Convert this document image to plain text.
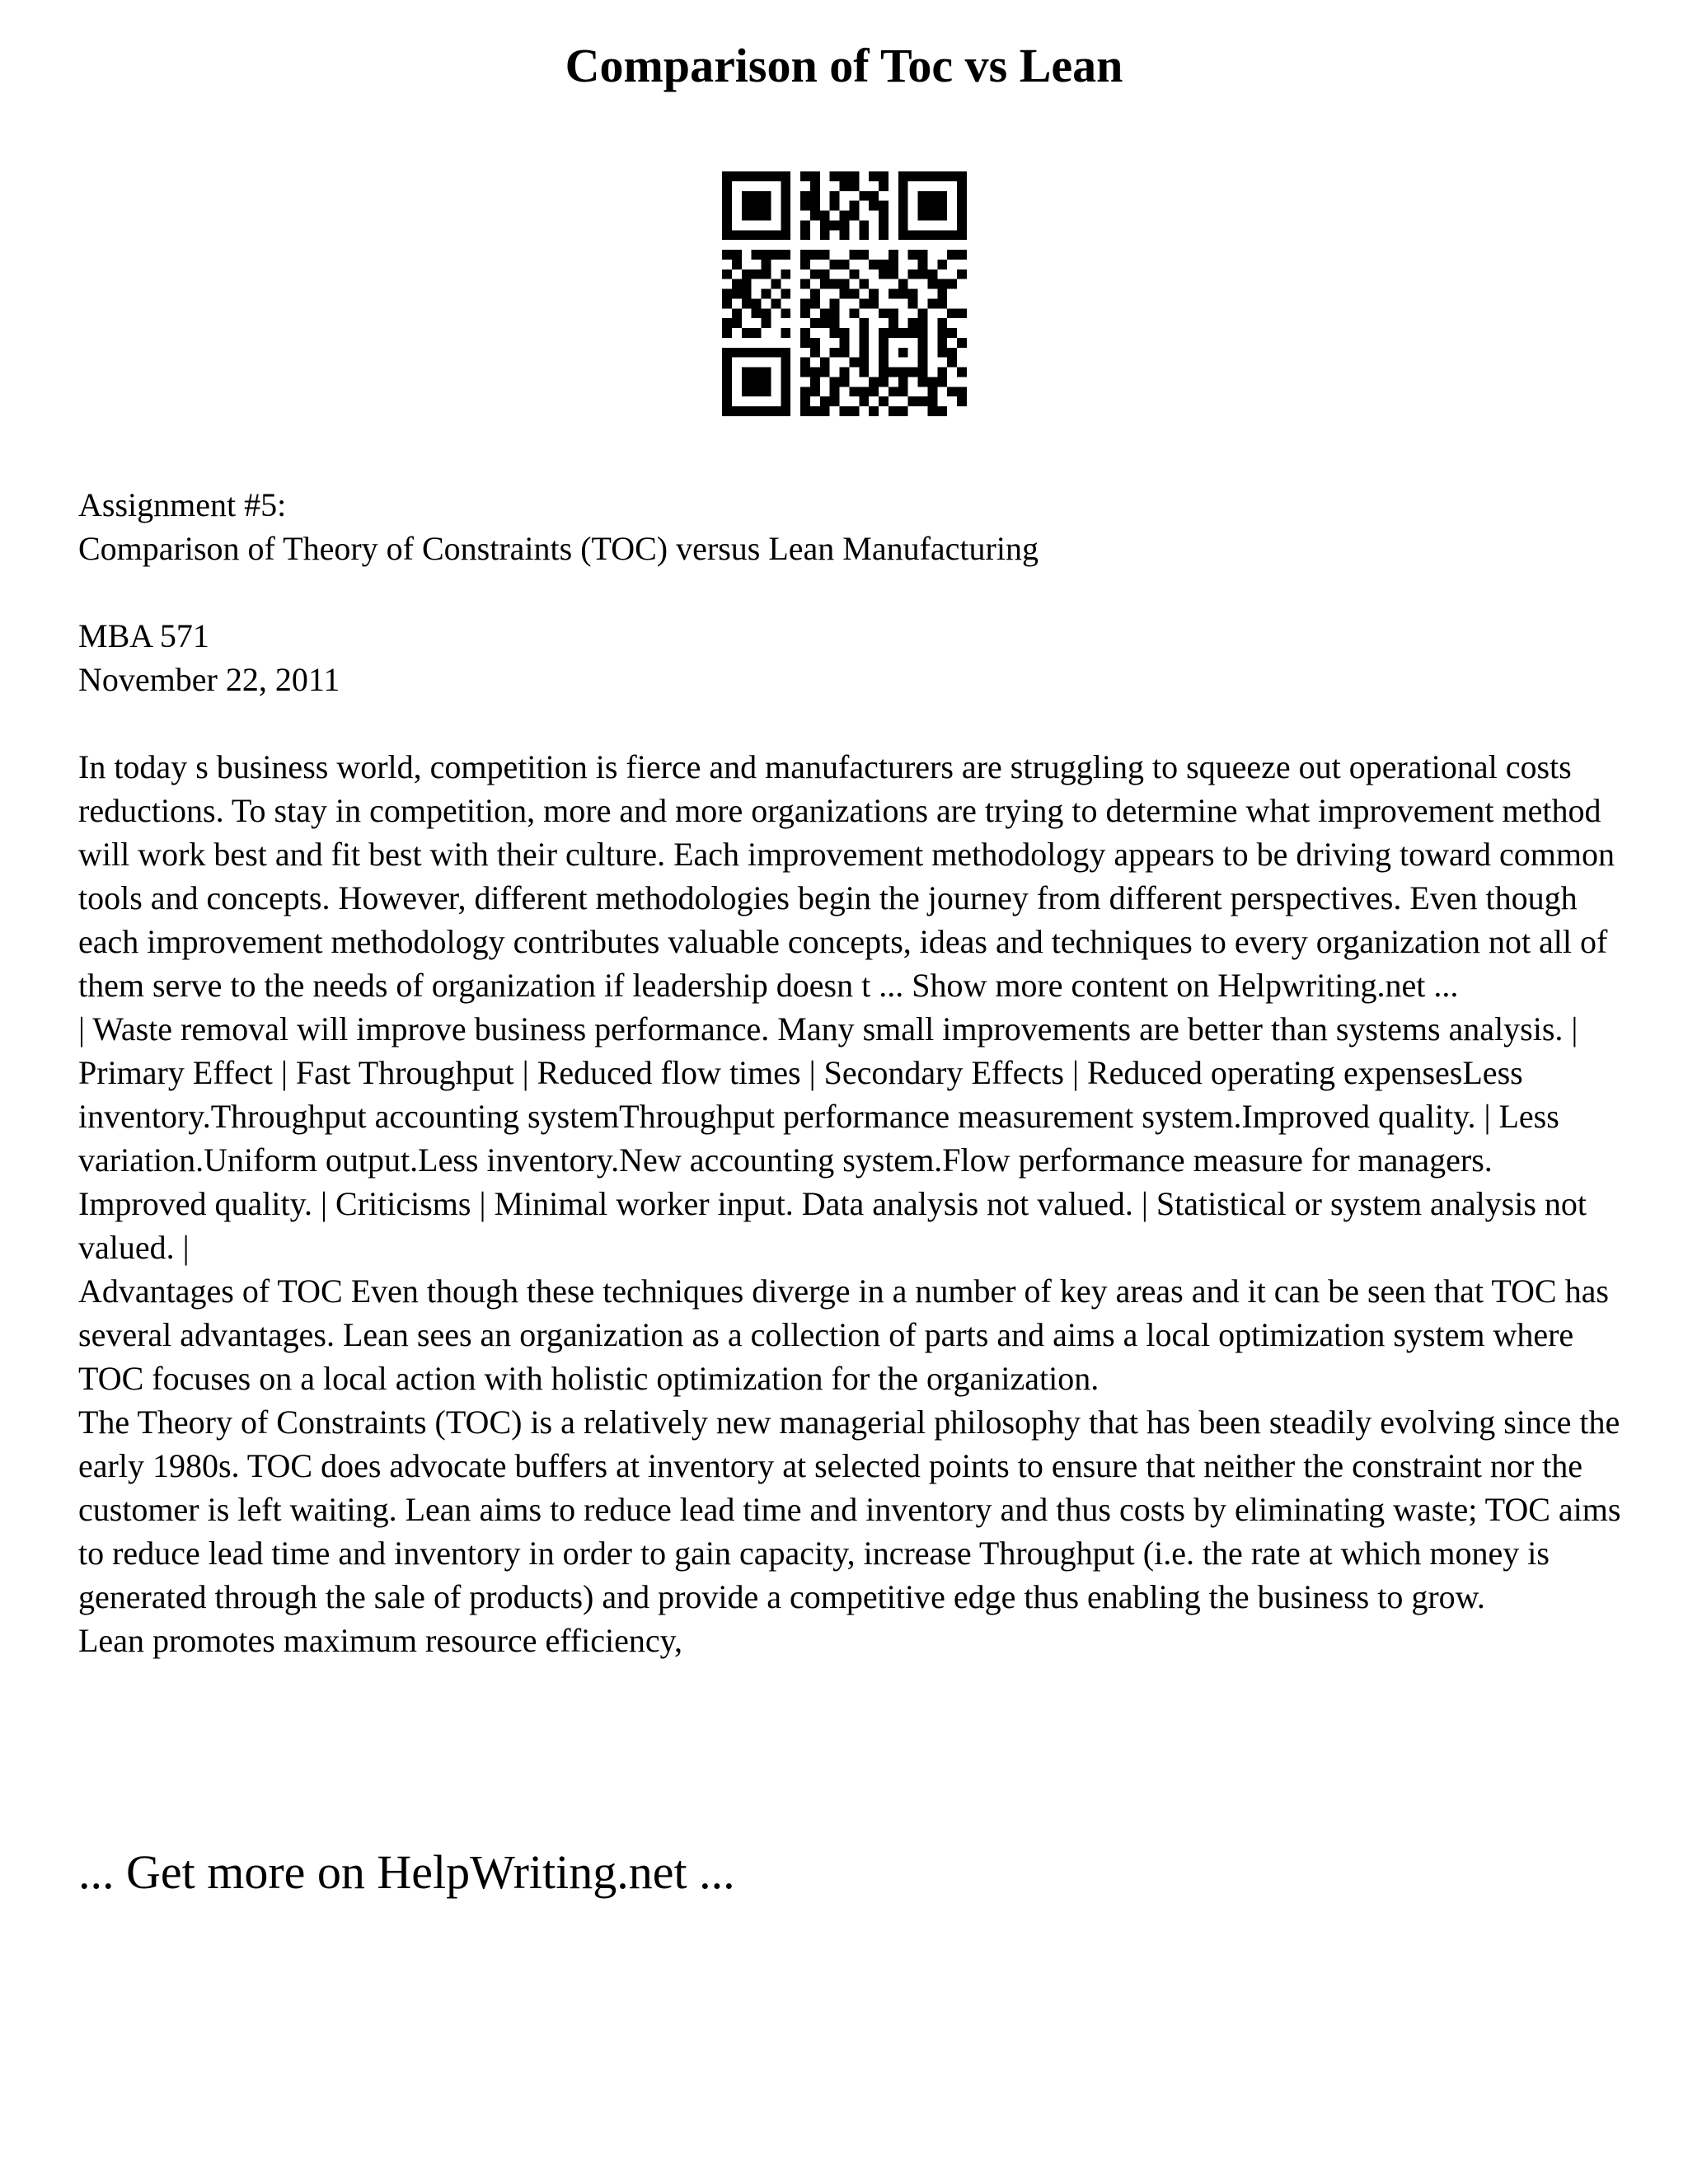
Comparison of Toc vs Lean

Assignment #5:

Comparison of Theory of Constraints (TOC) versus Lean Manufacturing

MBA 571

November 22, 2011

In today s business world, competition is fierce and manufacturers are struggling to squeeze out operational costs reductions. To stay in competition, more and more organizations are trying to determine what improvement method will work best and fit best with their culture. Each improvement methodology appears to be driving toward common tools and concepts. However, different methodologies begin the journey from different perspectives. Even though each improvement methodology contributes valuable concepts, ideas and techniques to every organization not all of them serve to the needs of organization if leadership doesn t ... Show more content on Helpwriting.net ...

| Waste removal will improve business performance. Many small improvements are better than systems analysis. | Primary Effect | Fast Throughput | Reduced flow times | Secondary Effects | Reduced operating expensesLess inventory.Throughput accounting systemThroughput performance measurement system.Improved quality. | Less variation.Uniform output.Less inventory.New accounting system.Flow performance measure for managers. Improved quality. | Criticisms | Minimal worker input. Data analysis not valued. | Statistical or system analysis not valued. |

Advantages of TOC Even though these techniques diverge in a number of key areas and it can be seen that TOC has several advantages. Lean sees an organization as a collection of parts and aims a local optimization system where TOC focuses on a local action with holistic optimization for the organization.

The Theory of Constraints (TOC) is a relatively new managerial philosophy that has been steadily evolving since the early 1980s. TOC does advocate buffers at inventory at selected points to ensure that neither the constraint nor the customer is left waiting. Lean aims to reduce lead time and inventory and thus costs by eliminating waste; TOC aims to reduce lead time and inventory in order to gain capacity, increase Throughput (i.e. the rate at which money is generated through the sale of products) and provide a competitive edge thus enabling the business to grow.

Lean promotes maximum resource efficiency,

... Get more on HelpWriting.net ...
